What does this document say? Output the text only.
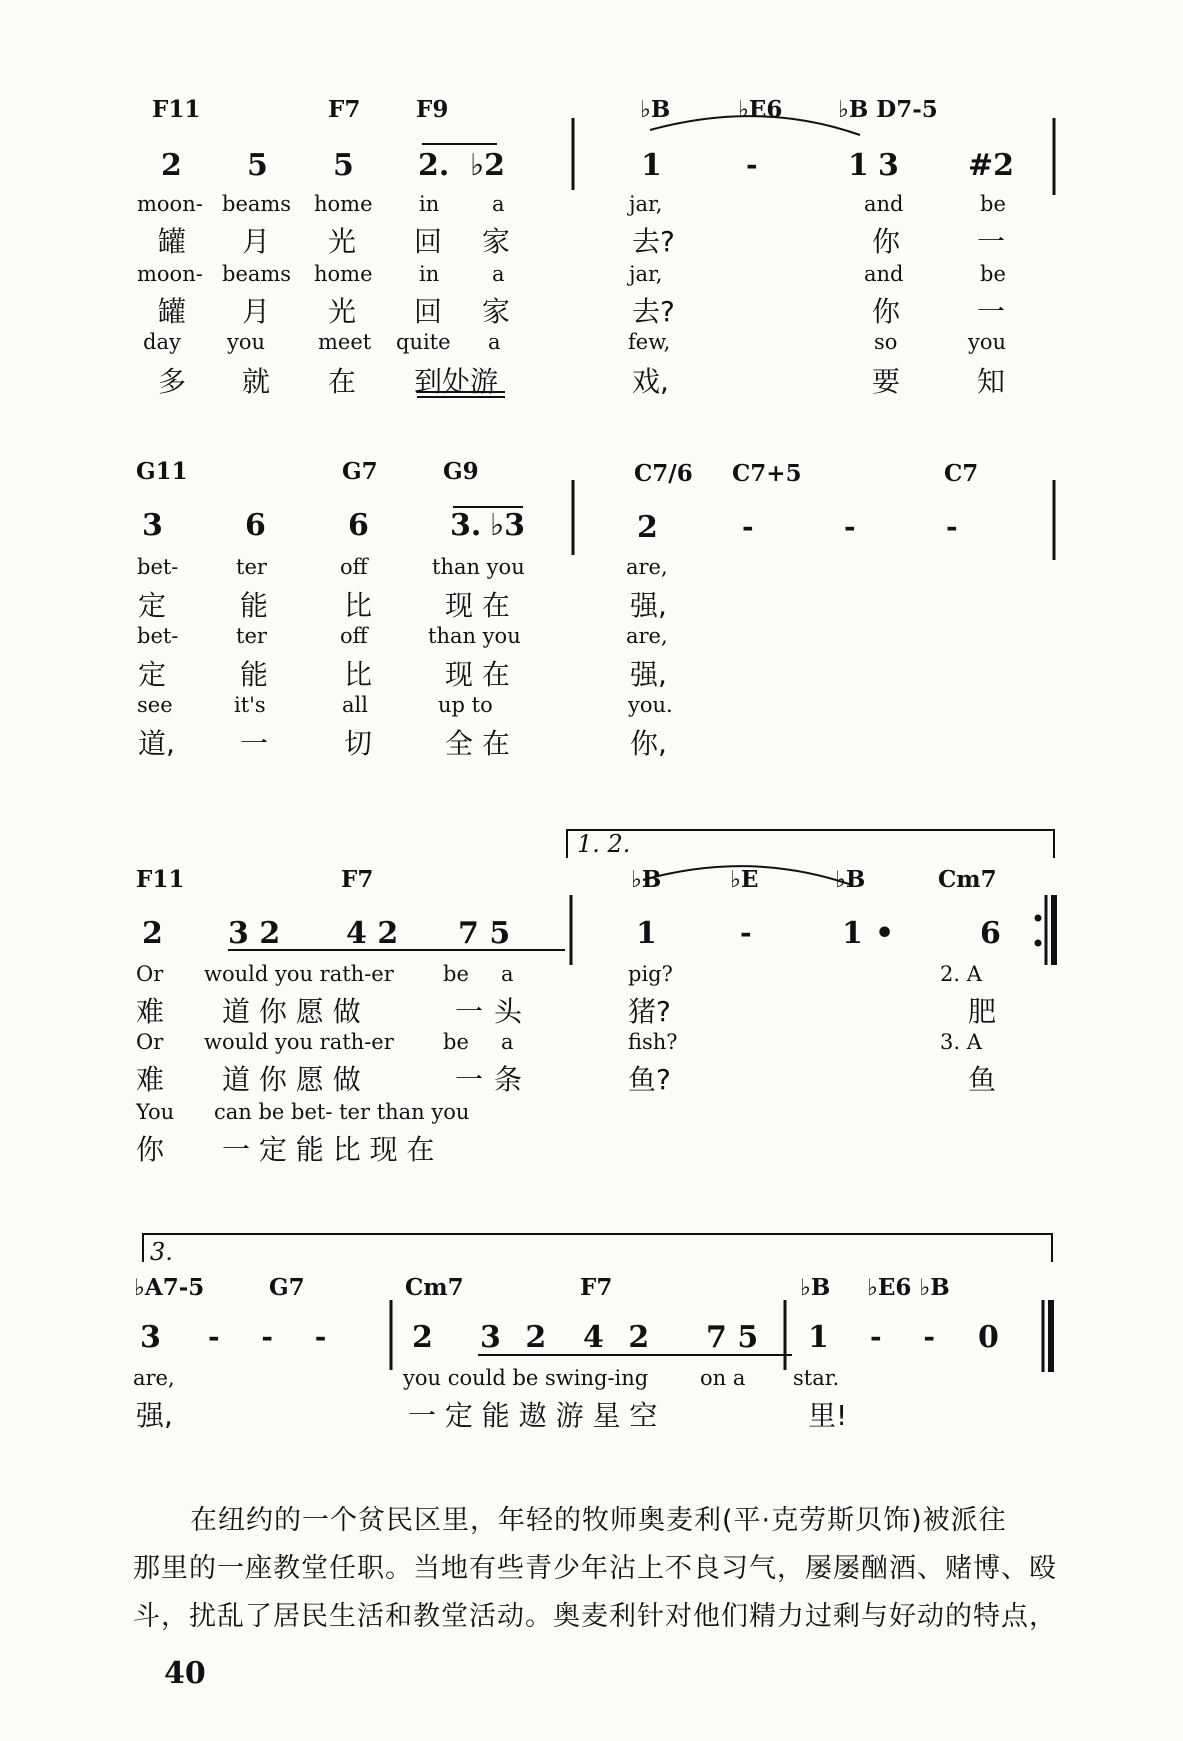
F11	F7 F9	♭B	♭E6 ♭B D7-5
2 5 5 2. ♭2	1	-	1 3 #2
moon- beams home in	a	jar,	and	be
罐 月 光 回 家	去?	你	一
moon- beams home in	a	jar,	and	be
罐 月 光 回 家	去?	你	一
day you	meet quite a	few,	so	you
多 就 在 到处游	戏,	要	知
G11	G7	G9	C7/6 C7+5	C7
3	6	6	3. ♭3	2	-	-	-
bet-	ter	off	than you	are,
定	能	比	现 在	强,
bet-	ter	off	than you	are,
定	能	比	现 在	强,
see	it's	all	up to	you.
道, 一	切	全 在	你,
1. 2.
F11	F7	♭B	♭E	♭B	Cm7
2 3 2 4 2 7 5	1	-	1 •	6
Or would you rath-er be a	pig?	2. A
难 道 你 愿 做	一 头	猪?	肥
Or would you rath-er be a	fish?	3. A
难 道 你 愿 做	一 条	鱼?	鱼
You can be bet- ter than you
你 一 定 能 比 现 在
3.
♭A7-5	G7	Cm7	F7	♭B ♭E6 ♭B
3 - - - 2 3 2 4 2 7 5 1 - - 0
are,	you could be swing-ing on a star.
强,	一 定 能 遨 游 星 空	里!
在纽约的一个贫民区里，年轻的牧师奥麦利(平·克劳斯贝饰)被派往
那里的一座教堂任职。当地有些青少年沾上不良习气，屡屡酗酒、赌博、殴
斗，扰乱了居民生活和教堂活动。奥麦利针对他们精力过剩与好动的特点，
40
